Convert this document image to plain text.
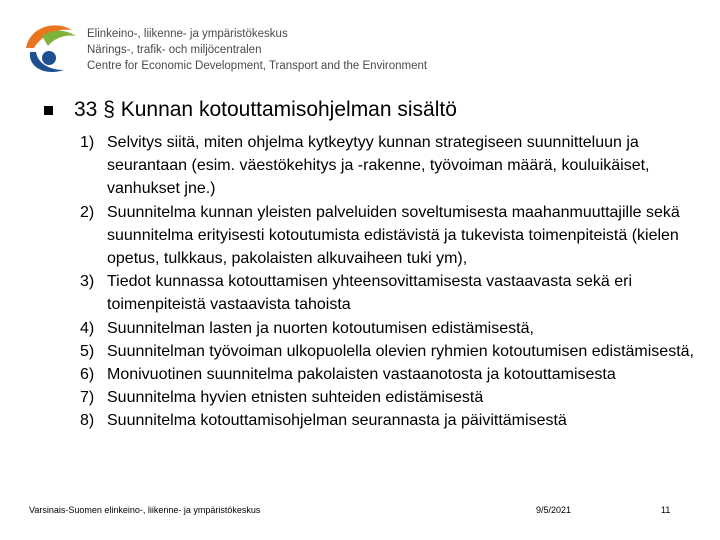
Elinkeino-, liikenne- ja ympäristökeskus
Närings-, trafik- och miljöcentralen
Centre for Economic Development, Transport and the Environment
33 § Kunnan kotouttamisohjelman sisältö
1) Selvitys siitä, miten ohjelma kytkeytyy kunnan strategiseen suunnitteluun ja seurantaan (esim. väestökehitys ja -rakenne, työvoiman määrä, kouluikäiset, vanhukset jne.)
2) Suunnitelma kunnan yleisten palveluiden soveltumisesta maahanmuuttajille sekä suunnitelma erityisesti kotoutumista edistävistä ja tukevista toimenpiteistä (kielen opetus, tulkkaus, pakolaisten alkuvaiheen tuki ym),
3) Tiedot kunnassa kotouttamisen yhteensovittamisesta vastaavasta sekä eri toimenpiteistä vastaavista tahoista
4) Suunnitelman lasten ja nuorten kotoutumisen edistämisestä,
5) Suunnitelman työvoiman ulkopuolella olevien ryhmien kotoutumisen edistämisestä,
6) Monivuotinen suunnitelma pakolaisten vastaanotosta ja kotouttamisesta
7) Suunnitelma hyvien etnisten suhteiden edistämisestä
8) Suunnitelma kotouttamisohjelman seurannasta ja päivittämisestä
Varsinais-Suomen elinkeino-, liikenne- ja ympäristökeskus	9/5/2021	11
